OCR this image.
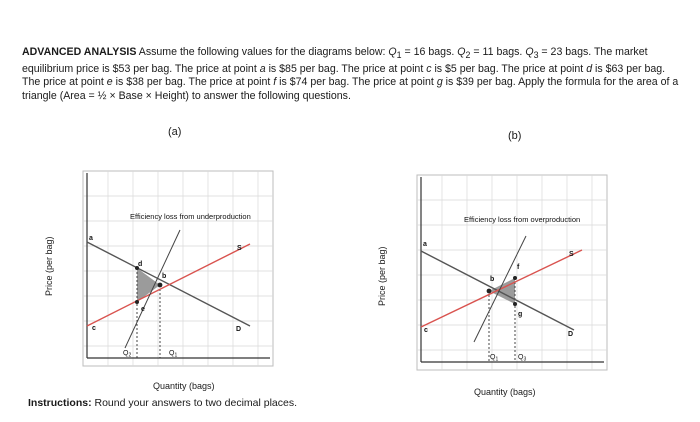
ADVANCED ANALYSIS Assume the following values for the diagrams below: $Q_1 = 16$ bags. $Q_2 = 11$ bags. $Q_3 = 23$ bags. The market equilibrium price is $53 per bag. The price at point a is $85 per bag. The price at point c is $5 per bag. The price at point d is $63 per bag. The price at point e is $38 per bag. The price at point f is $74 per bag. The price at point g is $39 per bag. Apply the formula for the area of a triangle (Area = ½ × Base × Height) to answer the following questions.
(a)	(b)
Price (per bag)	Price (per bag)
Efficiency loss from underproduction
a
d
b
e
S
D
c
$Q_2$	$Q_1$
Efficiency loss from overproduction
a
b
f
g
S
D
c
$Q_1$	$Q_3$
Quantity (bags)
Quantity (bags)
Instructions: Round your answers to two decimal places.
